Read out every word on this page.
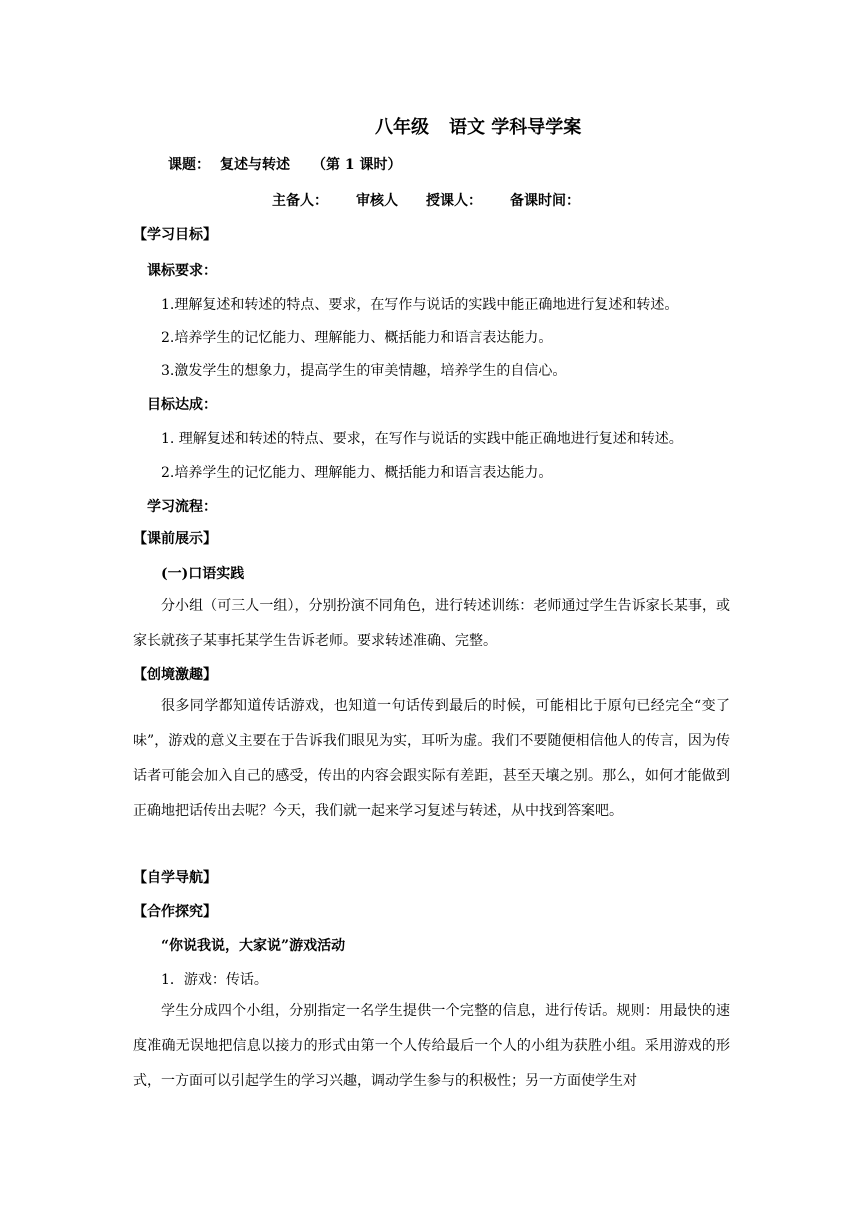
八年级 语文 学科导学案
课题： 复述与转述 （第 1 课时）
主备人： 审核人 授课人： 备课时间：
【学习目标】
课标要求：
1.理解复述和转述的特点、要求，在写作与说话的实践中能正确地进行复述和转述。
2.培养学生的记忆能力、理解能力、概括能力和语言表达能力。
3.激发学生的想象力，提高学生的审美情趣，培养学生的自信心。
目标达成：
1. 理解复述和转述的特点、要求，在写作与说话的实践中能正确地进行复述和转述。
2.培养学生的记忆能力、理解能力、概括能力和语言表达能力。
学习流程：
【课前展示】
(一)口语实践
分小组（可三人一组），分别扮演不同角色，进行转述训练：老师通过学生告诉家长某事，或家长就孩子某事托某学生告诉老师。要求转述准确、完整。
【创境激趣】
很多同学都知道传话游戏，也知道一句话传到最后的时候，可能相比于原句已经完全“变了味”，游戏的意义主要在于告诉我们眼见为实，耳听为虚。我们不要随便相信他人的传言，因为传话者可能会加入自己的感受，传出的内容会跟实际有差距，甚至天壤之别。那么，如何才能做到正确地把话传出去呢？今天，我们就一起来学习复述与转述，从中找到答案吧。
【自学导航】
【合作探究】
“你说我说，大家说”游戏活动
1．游戏：传话。
学生分成四个小组，分别指定一名学生提供一个完整的信息，进行传话。规则：用最快的速度准确无误地把信息以接力的形式由第一个人传给最后一个人的小组为获胜小组。采用游戏的形式，一方面可以引起学生的学习兴趣，调动学生参与的积极性；另一方面使学生对
